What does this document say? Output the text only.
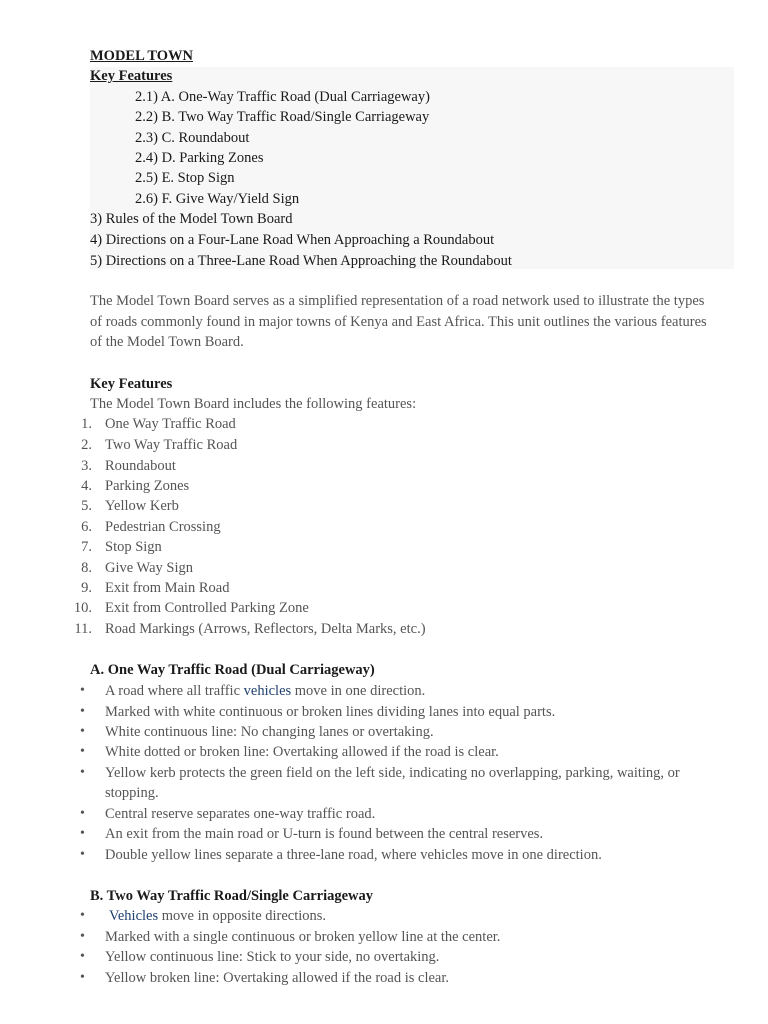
MODEL TOWN
Key Features
2.1) A. One-Way Traffic Road (Dual Carriageway)
2.2) B. Two Way Traffic Road/Single Carriageway
2.3) C. Roundabout
2.4) D. Parking Zones
2.5) E. Stop Sign
2.6) F. Give Way/Yield Sign
3) Rules of the Model Town Board
4) Directions on a Four-Lane Road When Approaching a Roundabout
5) Directions on a Three-Lane Road When Approaching the Roundabout
The Model Town Board serves as a simplified representation of a road network used to illustrate the types
of roads commonly found in major towns of Kenya and East Africa. This unit outlines the various features
of the Model Town Board.
Key Features
The Model Town Board includes the following features:
1. One Way Traffic Road
2. Two Way Traffic Road
3. Roundabout
4. Parking Zones
5. Yellow Kerb
6. Pedestrian Crossing
7. Stop Sign
8. Give Way Sign
9. Exit from Main Road
10. Exit from Controlled Parking Zone
11. Road Markings (Arrows, Reflectors, Delta Marks, etc.)
A. One Way Traffic Road (Dual Carriageway)
•	A road where all traffic vehicles move in one direction.
•	Marked with white continuous or broken lines dividing lanes into equal parts.
•	White continuous line: No changing lanes or overtaking.
•	White dotted or broken line: Overtaking allowed if the road is clear.
•	Yellow kerb protects the green field on the left side, indicating no overlapping, parking, waiting, or
stopping.
•	Central reserve separates one-way traffic road.
•	An exit from the main road or U-turn is found between the central reserves.
•	Double yellow lines separate a three-lane road, where vehicles move in one direction.
B. Two Way Traffic Road/Single Carriageway
•	Vehicles move in opposite directions.
•	Marked with a single continuous or broken yellow line at the center.
•	Yellow continuous line: Stick to your side, no overtaking.
•	Yellow broken line: Overtaking allowed if the road is clear.
